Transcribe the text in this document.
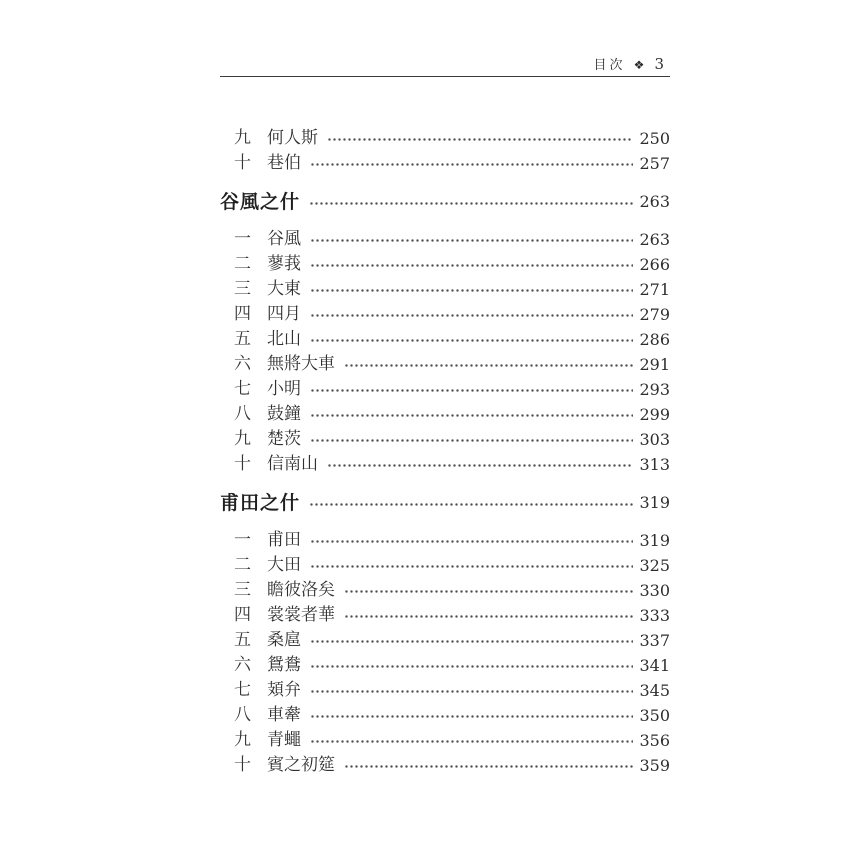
目次 ❖ 3
九 何人斯	250
十 巷伯	257
谷風之什	263
一 谷風	263
二 蓼莪	266
三 大東	271
四 四月	279
五 北山	286
六 無將大車	291
七 小明	293
八 鼓鐘	299
九 楚茨	303
十 信南山	313
甫田之什	319
一 甫田	319
二 大田	325
三 瞻彼洛矣	330
四 裳裳者華	333
五 桑扈	337
六 鴛鴦	341
七 頍弁	345
八 車舝	350
九 青蠅	356
十 賓之初筵	359
